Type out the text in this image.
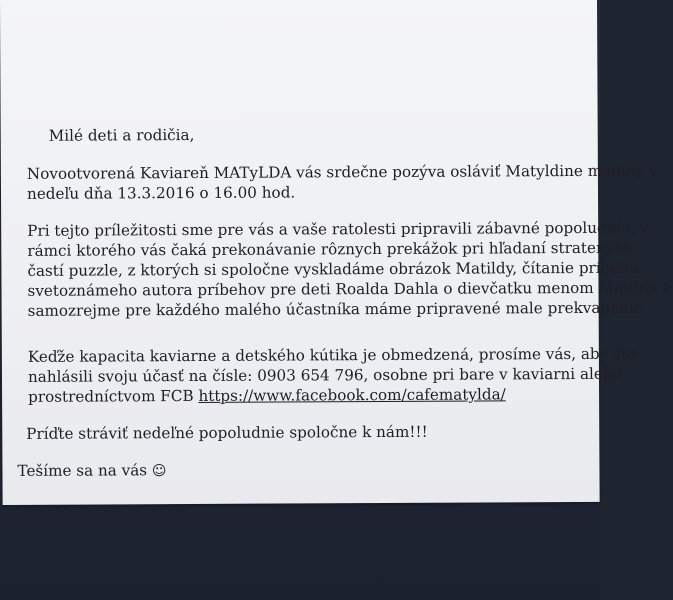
Milé deti a rodičia,
Novootvorená Kaviareň MATyLDA vás srdečne pozýva osláviť Matyldine meniny v
nedeľu dňa 13.3.2016 o 16.00 hod.
Pri tejto príležitosti sme pre vás a vaše ratolesti pripravili zábavné popoludnie, v
rámci ktorého vás čaká prekonávanie rôznych prekážok pri hľadaní stratených
častí puzzle, z ktorých si spoločne vyskladáme obrázok Matildy, čítanie príbehu
svetoznámeho autora príbehov pre deti Roalda Dahla o dievčatku menom Matilda a
samozrejme pre každého malého účastníka máme pripravené male prekvapenie.
Keďže kapacita kaviarne a detského kútika je obmedzená, prosíme vás, aby ste
nahlásili svoju účasť na čísle: 0903 654 796, osobne pri bare v kaviarni alebo
prostredníctvom FCB https://www.facebook.com/cafematylda/
Príďte stráviť nedeľné popoludnie spoločne k nám!!!
Tešíme sa na vás ☺
